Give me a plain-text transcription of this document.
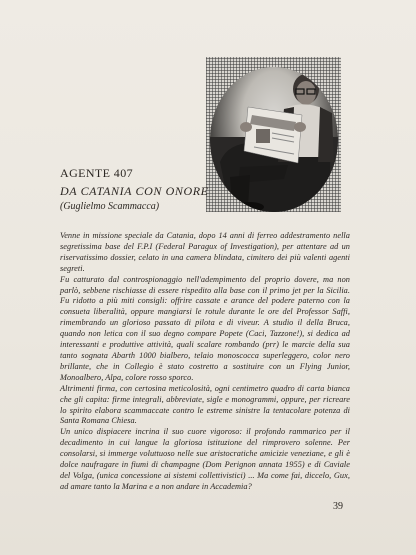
AGENTE 407
DA CATANIA CON ONORE
(Guglielmo Scammacca)

Venne in missione speciale da Catania, dopo 14 anni di ferreo addestramento nella segretissima base del F.P.I (Federal Paragux of Investigation), per attentare ad un riservatissimo dossier, celato in una camera blindata, cimitero dei più valenti agenti segreti.

Fu catturato dal controspionaggio nell'adempimento del proprio dovere, ma non parlò, sebbene rischiasse di essere rispedito alla base con il primo jet per la Sicilia. Fu ridotto a più miti consigli: offrire cassate e arance del podere paterno con la consueta liberalità, oppure mangiarsi le rotule durante le ore del Professor Saffi, rimembrando un glorioso passato di pilota e di viveur. A studio il della Bruca, quando non letica con il suo degno compare Popete (Caci, Tazzone!), si dedica ad interessanti e produttive attività, quali scalare rombando (prr) le marcie della sua tanto sognata Abarth 1000 bialbero, telaio monoscocca superleggero, color nero brillante, che in Collegio è stato costretto a sostituire con un Flying Junior, Monoalbero, Alpa, colore rosso sporco.

Altrimenti firma, con certosina meticolosità, ogni centimetro quadro di carta bianca che gli capita: firme integrali, abbreviate, sigle e monogrammi, oppure, per ricreare lo spirito elabora scammaccate contro le estreme sinistre la tentacolare potenza di Santa Romana Chiesa.

Un unico dispiacere incrina il suo cuore vigoroso: il profondo rammarico per il decadimento in cui langue la gloriosa istituzione del rimprovero solenne. Per consolarsi, si immerge voluttuoso nelle sue aristocratiche amicizie veneziane, e gli è dolce naufragare in fiumi di champagne (Dom Perignon annata 1955) e di Caviale del Volga, (unica concessione ai sistemi collettivistici) ... Ma come fai, diccelo, Gux, ad amare tanto la Marina e a non andare in Accademia?

39
